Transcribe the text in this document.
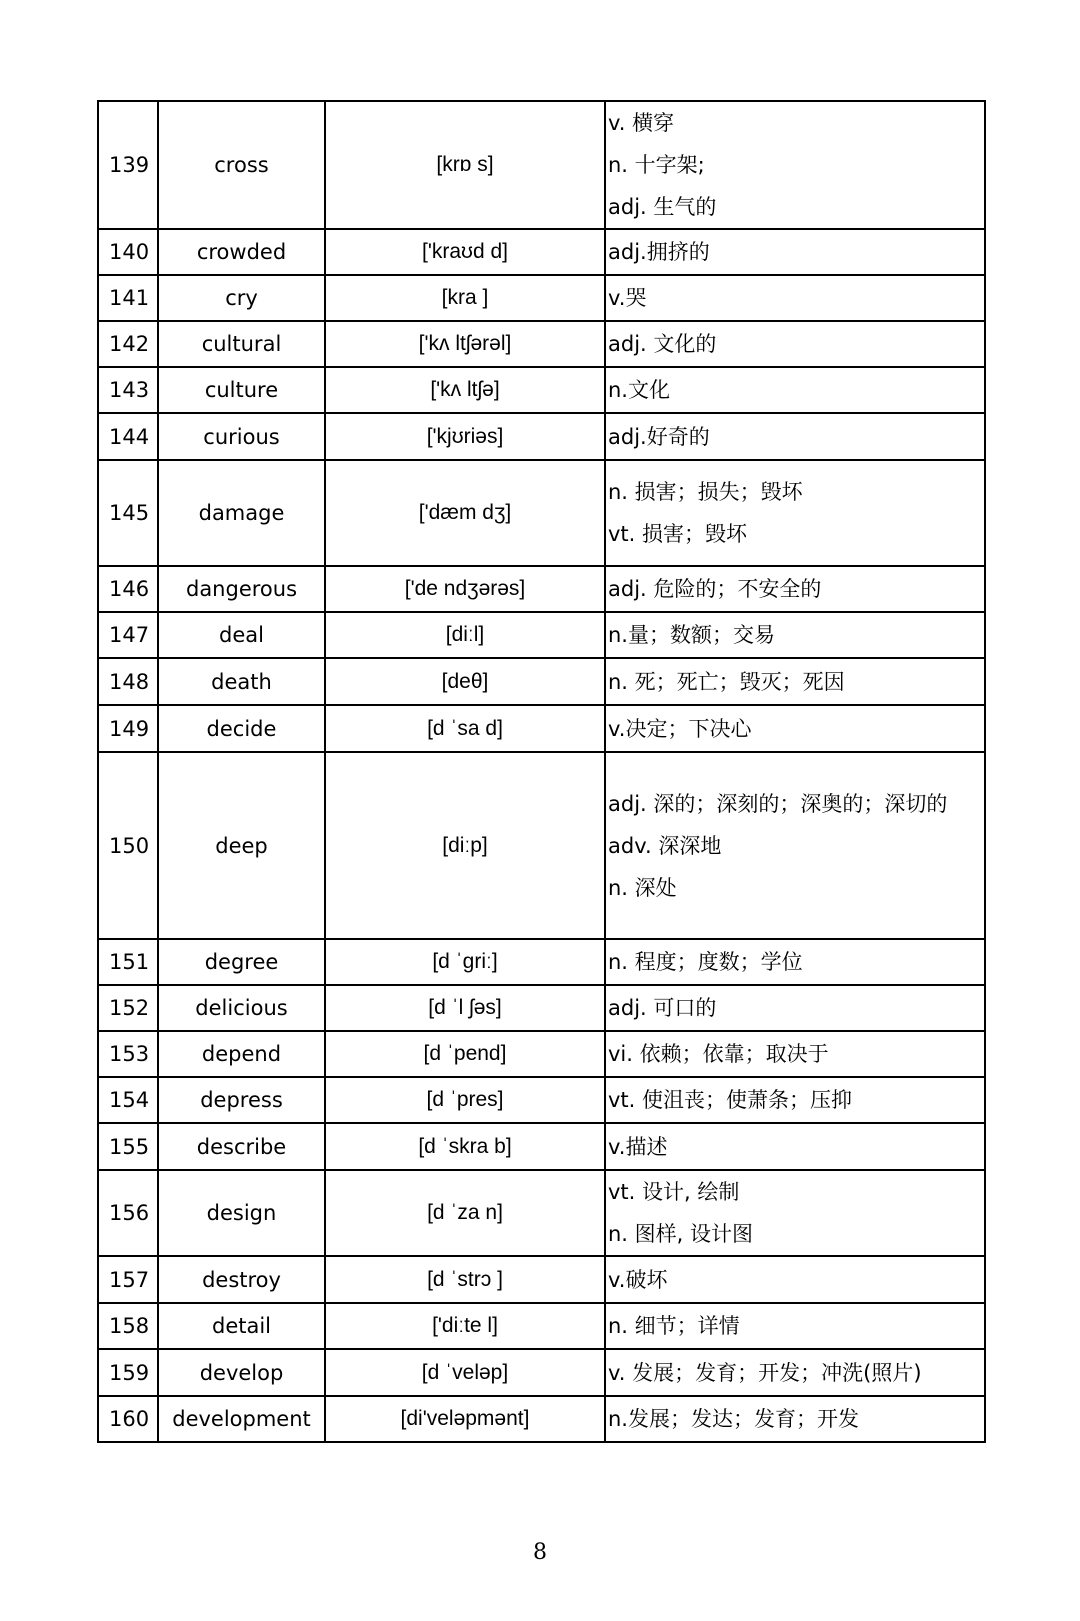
139	cross	[krɒ s]	v. 横穿
n. 十字架;
adj. 生气的

140	crowded	['kraʊd d]	adj.拥挤的

141	cry	[kra ]	v.哭

142	cultural	['kʌ ltʃərəl]	adj. 文化的

143	culture	['kʌ ltʃə]	n.文化

144	curious	['kjʊriəs]	adj.好奇的

145	damage	['dæm dʒ]	n. 损害；损失；毁坏
vt. 损害；毁坏

146	dangerous	['de ndʒərəs]	adj. 危险的；不安全的

147	deal	[diːl]	n.量；数额；交易

148	death	[deθ]	n. 死；死亡；毁灭；死因

149	decide	[d ˈsa d]	v.决定；下决心

150	deep	[diːp]	adj. 深的；深刻的；深奥的；深切的
adv. 深深地
n. 深处

151	degree	[d ˈgriː]	n. 程度；度数；学位

152	delicious	[d ˈl ʃəs]	adj. 可口的

153	depend	[d ˈpend]	vi. 依赖；依靠；取决于

154	depress	[d ˈpres]	vt. 使沮丧；使萧条；压抑

155	describe	[d ˈskra b]	v.描述

156	design	[d ˈza n]	vt. 设计, 绘制
n. 图样, 设计图

157	destroy	[d ˈstrɔ ]	v.破坏

158	detail	['diːte l]	n. 细节；详情

159	develop	[d ˈveləp]	v. 发展；发育；开发；冲洗(照片)

160	development	[di'veləpmənt]	n.发展；发达；发育；开发
8
